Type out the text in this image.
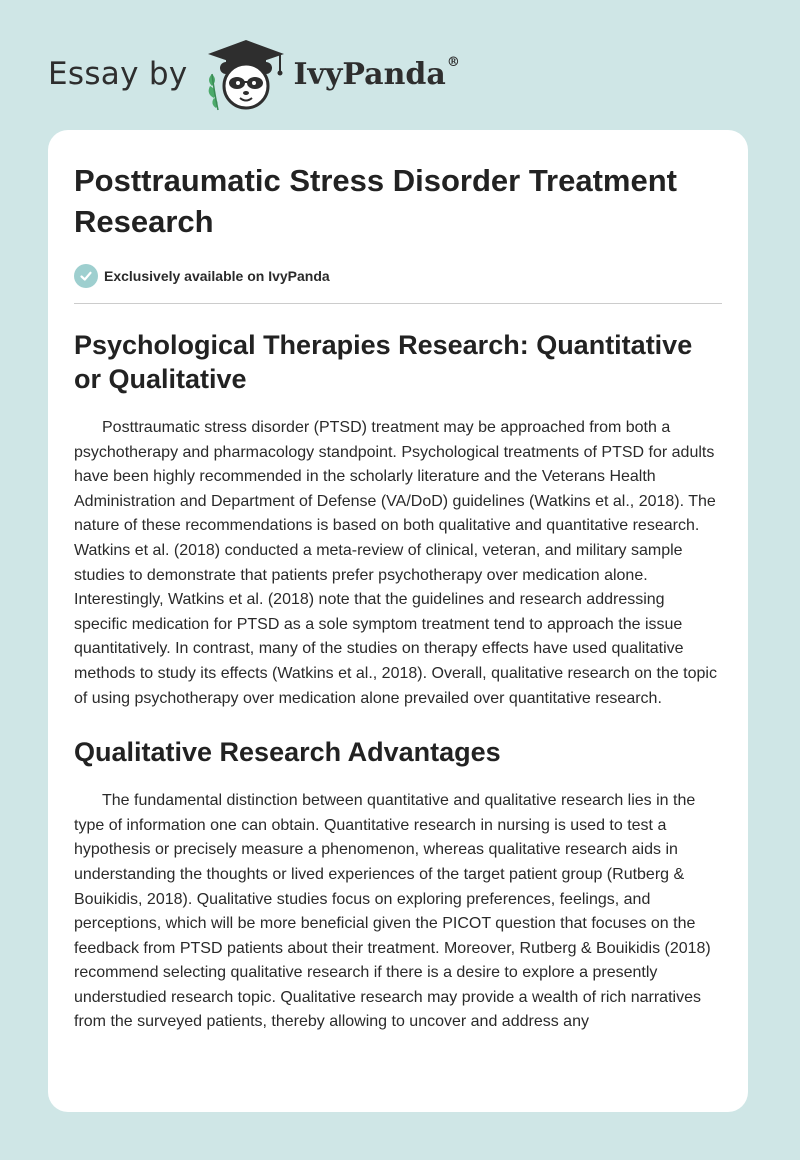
Essay by	IvyPanda®
Posttraumatic Stress Disorder Treatment Research
Exclusively available on IvyPanda
Psychological Therapies Research: Quantitative or Qualitative

Posttraumatic stress disorder (PTSD) treatment may be approached from both a psychotherapy and pharmacology standpoint. Psychological treatments of PTSD for adults have been highly recommended in the scholarly literature and the Veterans Health Administration and Department of Defense (VA/DoD) guidelines (Watkins et al., 2018). The nature of these recommendations is based on both qualitative and quantitative research. Watkins et al. (2018) conducted a meta-review of clinical, veteran, and military sample studies to demonstrate that patients prefer psychotherapy over medication alone. Interestingly, Watkins et al. (2018) note that the guidelines and research addressing specific medication for PTSD as a sole symptom treatment tend to approach the issue quantitatively. In contrast, many of the studies on therapy effects have used qualitative methods to study its effects (Watkins et al., 2018). Overall, qualitative research on the topic of using psychotherapy over medication alone prevailed over quantitative research.

Qualitative Research Advantages

The fundamental distinction between quantitative and qualitative research lies in the type of information one can obtain. Quantitative research in nursing is used to test a hypothesis or precisely measure a phenomenon, whereas qualitative research aids in understanding the thoughts or lived experiences of the target patient group (Rutberg & Bouikidis, 2018). Qualitative studies focus on exploring preferences, feelings, and perceptions, which will be more beneficial given the PICOT question that focuses on the feedback from PTSD patients about their treatment. Moreover, Rutberg & Bouikidis (2018) recommend selecting qualitative research if there is a desire to explore a presently understudied research topic. Qualitative research may provide a wealth of rich narratives from the surveyed patients, thereby allowing to uncover and address any
